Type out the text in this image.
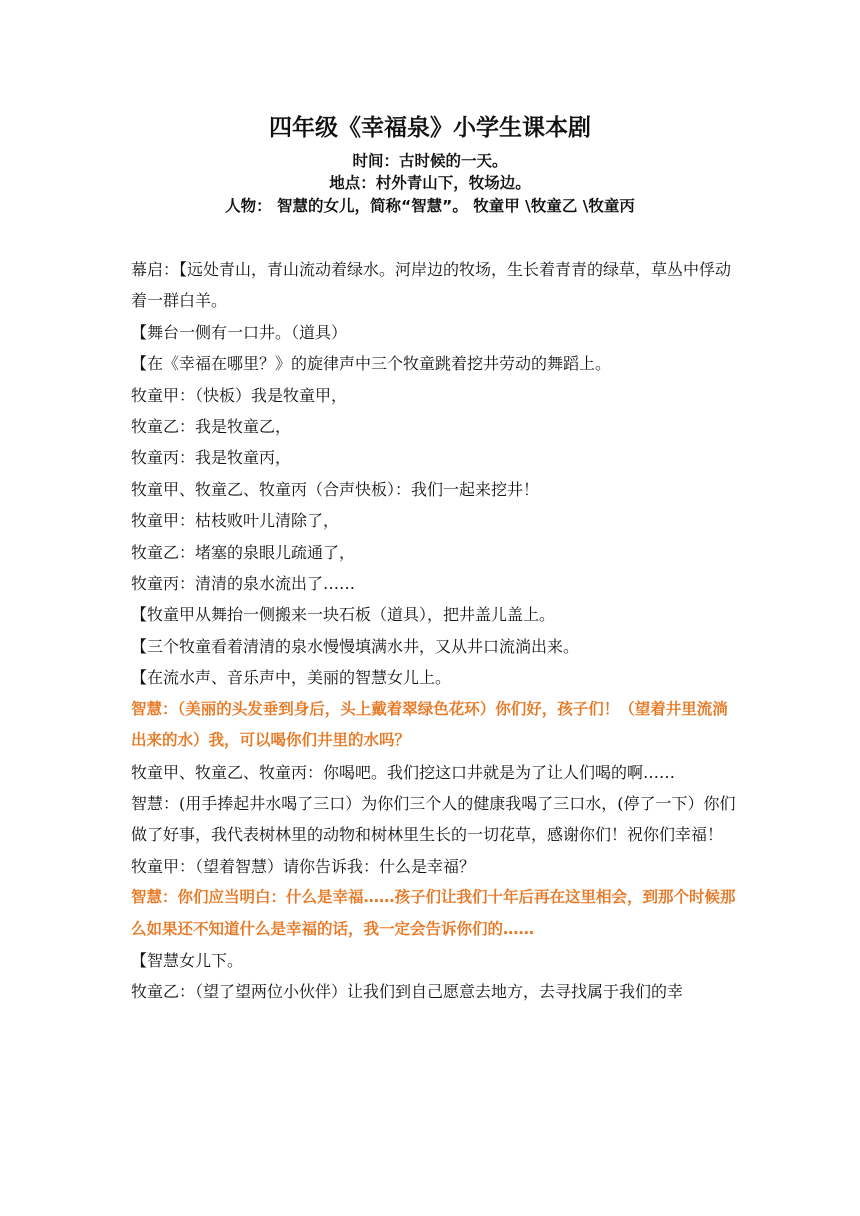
四年级《幸福泉》小学生课本剧
时间：古时候的一天。
地点：村外青山下，牧场边。
人物： 智慧的女儿，简称“智慧”。 牧童甲 \牧童乙 \牧童丙

幕启：【远处青山，青山流动着绿水。河岸边的牧场，生长着青青的绿草，草丛中俘动着一群白羊。

【舞台一侧有一口井。（道具）

【在《幸福在哪里？》的旋律声中三个牧童跳着挖井劳动的舞蹈上。

牧童甲：（快板）我是牧童甲，

牧童乙：我是牧童乙，

牧童丙：我是牧童丙，

牧童甲、牧童乙、牧童丙（合声快板）：我们一起来挖井！

牧童甲：枯枝败叶儿清除了，

牧童乙：堵塞的泉眼儿疏通了，

牧童丙：清清的泉水流出了……

【牧童甲从舞抬一侧搬来一块石板（道具），把井盖儿盖上。

【三个牧童看着清清的泉水慢慢填满水井，又从井口流淌出来。

【在流水声、音乐声中，美丽的智慧女儿上。

智慧：（美丽的头发垂到身后，头上戴着翠绿色花环）你们好，孩子们！（望着井里流淌出来的水）我，可以喝你们井里的水吗？

牧童甲、牧童乙、牧童丙：你喝吧。我们挖这口井就是为了让人们喝的啊……

智慧：(用手捧起井水喝了三口）为你们三个人的健康我喝了三口水，(停了一下）你们做了好事，我代表树林里的动物和树林里生长的一切花草，感谢你们！祝你们幸福！

牧童甲：（望着智慧）请你告诉我：什么是幸福？

智慧：你们应当明白：什么是幸福……孩子们让我们十年后再在这里相会，到那个时候那么如果还不知道什么是幸福的话，我一定会告诉你们的……

【智慧女儿下。

牧童乙：（望了望两位小伙伴）让我们到自己愿意去地方，去寻找属于我们的幸
